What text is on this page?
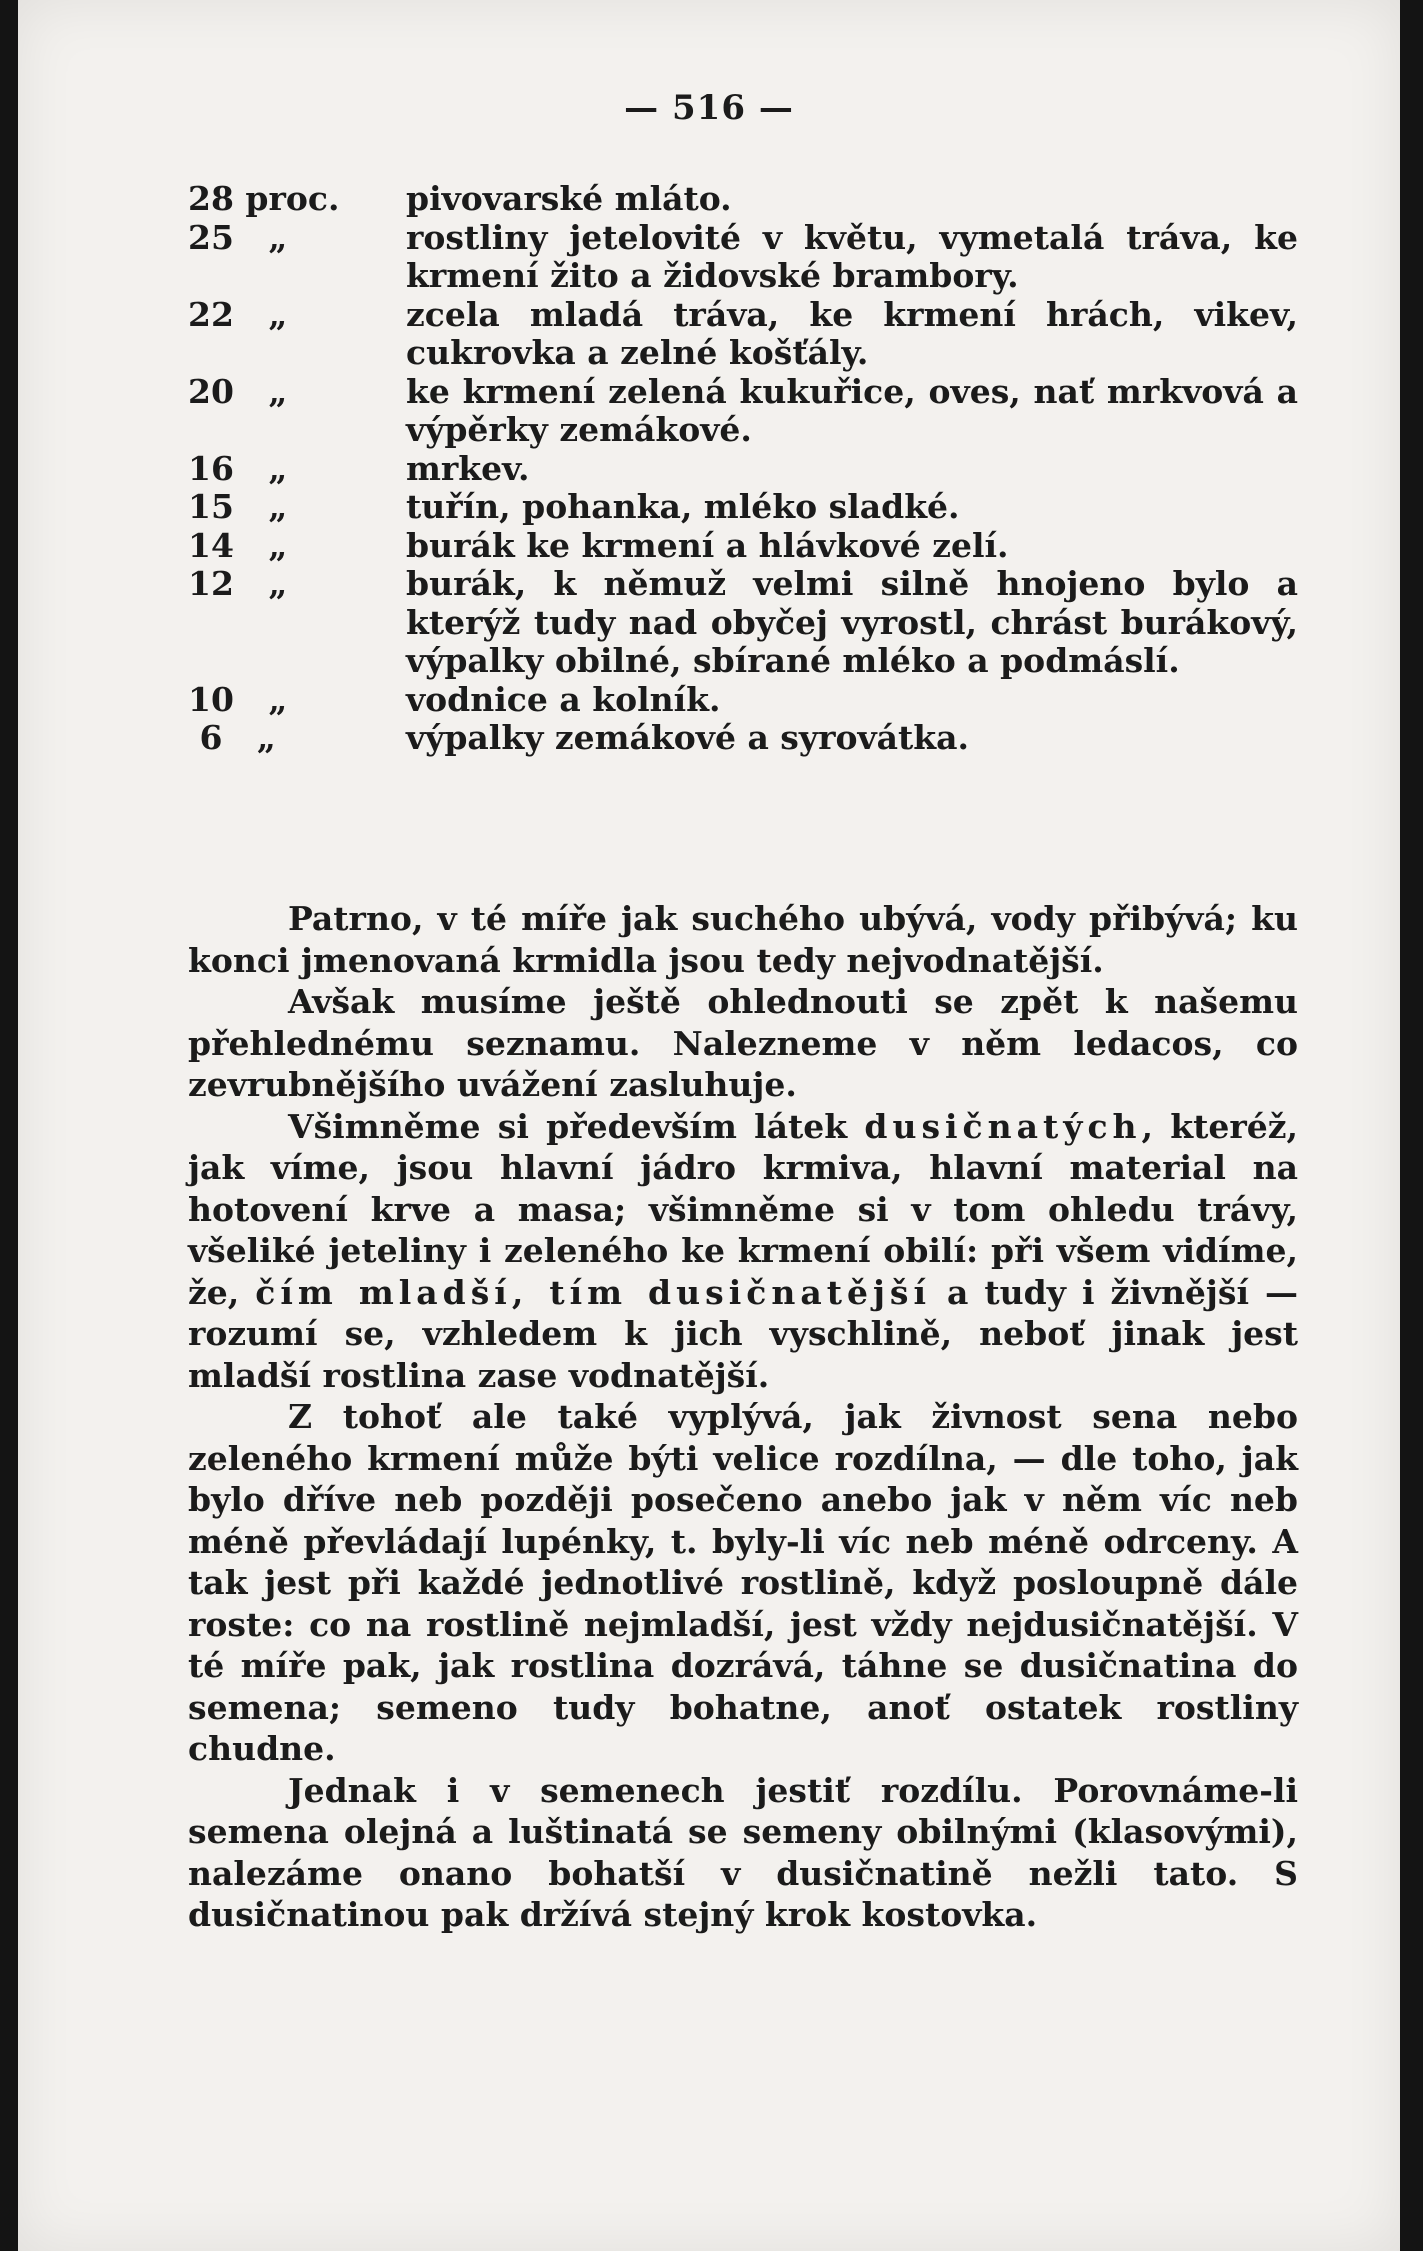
— 516 —
28 proc.	pivovarské mláto.
25   „	rostliny jetelovité v květu, vymetalá tráva, ke krmení žito a židovské brambory.
22   „	zcela mladá tráva, ke krmení hrách, vikev, cukrovka a zelné košťály.
20   „	ke krmení zelená kukuřice, oves, nať mrkvová a výpěrky zemákové.
16   „	mrkev.
15   „	tuřín, pohanka, mléko sladké.
14   „	burák ke krmení a hlávkové zelí.
12   „	burák, k němuž velmi silně hnojeno bylo a kterýž tudy nad obyčej vyrostl, chrást burákový, výpalky obilné, sbírané mléko a podmáslí.
10   „	vodnice a kolník.
6   „	výpalky zemákové a syrovátka.

Patrno, v té míře jak suchého ubývá, vody přibývá; ku konci jmenovaná krmidla jsou tedy nejvodnatější.

Avšak musíme ještě ohlednouti se zpět k našemu přehlednému seznamu. Nalezneme v něm ledacos, co zevrubnějšího uvážení zasluhuje.

Všimněme si především látek dusičnatých, kteréž, jak víme, jsou hlavní jádro krmiva, hlavní material na hotovení krve a masa; všimněme si v tom ohledu trávy, všeliké jeteliny i zeleného ke krmení obilí: při všem vidíme, že, čím mladší, tím dusičnatější a tudy i živnější — rozumí se, vzhledem k jich vyschlině, neboť jinak jest mladší rostlina zase vodnatější.

Z tohoť ale také vyplývá, jak živnost sena nebo zeleného krmení může býti velice rozdílna, — dle toho, jak bylo dříve neb později posečeno anebo jak v něm víc neb méně převládají lupénky, t. byly-li víc neb méně odrceny. A tak jest při každé jednotlivé rostlině, když posloupně dále roste: co na rostlině nejmladší, jest vždy nejdusičnatější. V té míře pak, jak rostlina dozrává, táhne se dusičnatina do semena; semeno tudy bohatne, anoť ostatek rostliny chudne.

Jednak i v semenech jestiť rozdílu. Porovnáme-li semena olejná a luštinatá se semeny obilnými (klasovými), nalezáme onano bohatší v dusičnatině nežli tato. S dusičnatinou pak držívá stejný krok kostovka.
